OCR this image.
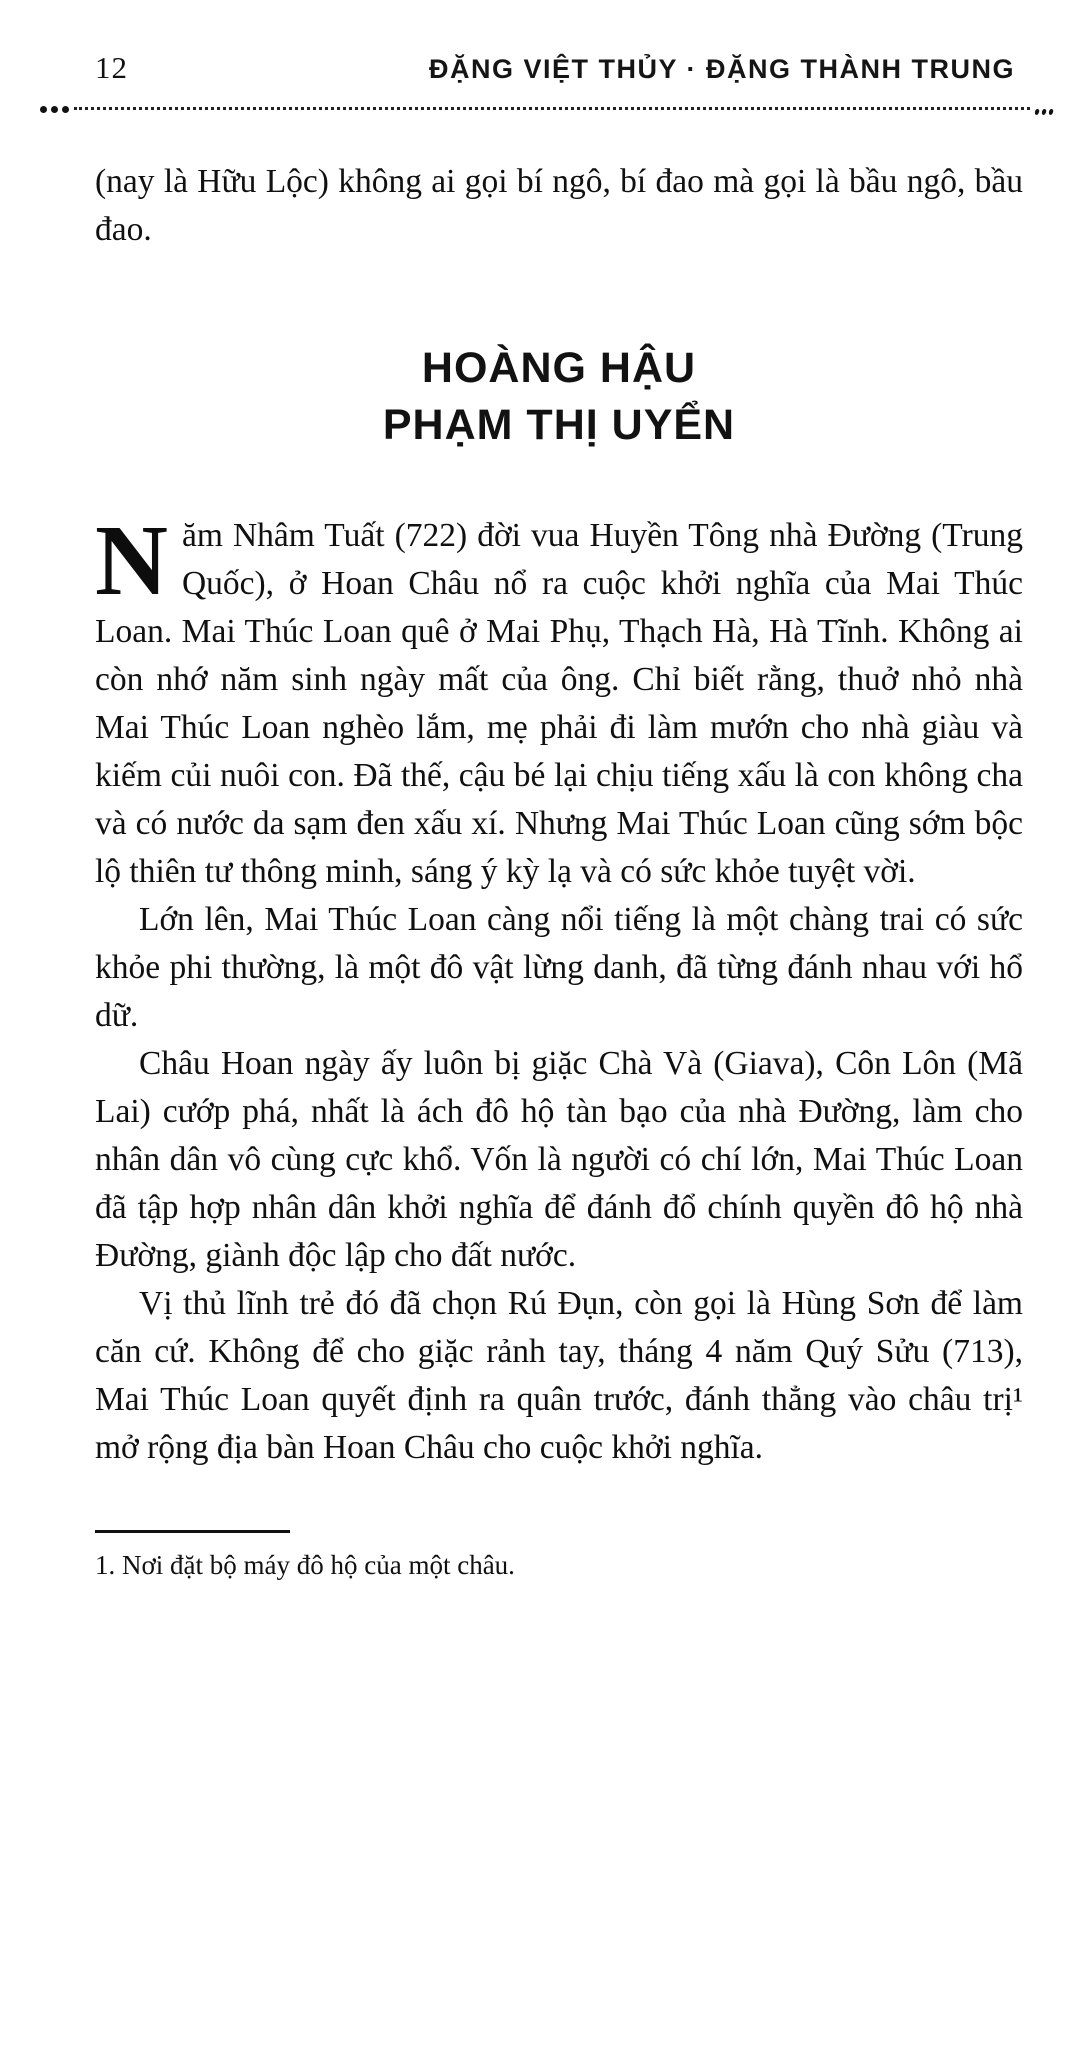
12	ĐẶNG VIỆT THỦY · ĐẶNG THÀNH TRUNG

(nay là Hữu Lộc) không ai gọi bí ngô, bí đao mà gọi là bầu ngô, bầu đao.

HOÀNG HẬU
PHẠM THỊ UYỂN

Năm Nhâm Tuất (722) đời vua Huyền Tông nhà Đường (Trung Quốc), ở Hoan Châu nổ ra cuộc khởi nghĩa của Mai Thúc Loan. Mai Thúc Loan quê ở Mai Phụ, Thạch Hà, Hà Tĩnh. Không ai còn nhớ năm sinh ngày mất của ông. Chỉ biết rằng, thuở nhỏ nhà Mai Thúc Loan nghèo lắm, mẹ phải đi làm mướn cho nhà giàu và kiếm củi nuôi con. Đã thế, cậu bé lại chịu tiếng xấu là con không cha và có nước da sạm đen xấu xí. Nhưng Mai Thúc Loan cũng sớm bộc lộ thiên tư thông minh, sáng ý kỳ lạ và có sức khỏe tuyệt vời.

Lớn lên, Mai Thúc Loan càng nổi tiếng là một chàng trai có sức khỏe phi thường, là một đô vật lừng danh, đã từng đánh nhau với hổ dữ.

Châu Hoan ngày ấy luôn bị giặc Chà Và (Giava), Côn Lôn (Mã Lai) cướp phá, nhất là ách đô hộ tàn bạo của nhà Đường, làm cho nhân dân vô cùng cực khổ. Vốn là người có chí lớn, Mai Thúc Loan đã tập hợp nhân dân khởi nghĩa để đánh đổ chính quyền đô hộ nhà Đường, giành độc lập cho đất nước.

Vị thủ lĩnh trẻ đó đã chọn Rú Đụn, còn gọi là Hùng Sơn để làm căn cứ. Không để cho giặc rảnh tay, tháng 4 năm Quý Sửu (713), Mai Thúc Loan quyết định ra quân trước, đánh thẳng vào châu trị¹ mở rộng địa bàn Hoan Châu cho cuộc khởi nghĩa.

1. Nơi đặt bộ máy đô hộ của một châu.
